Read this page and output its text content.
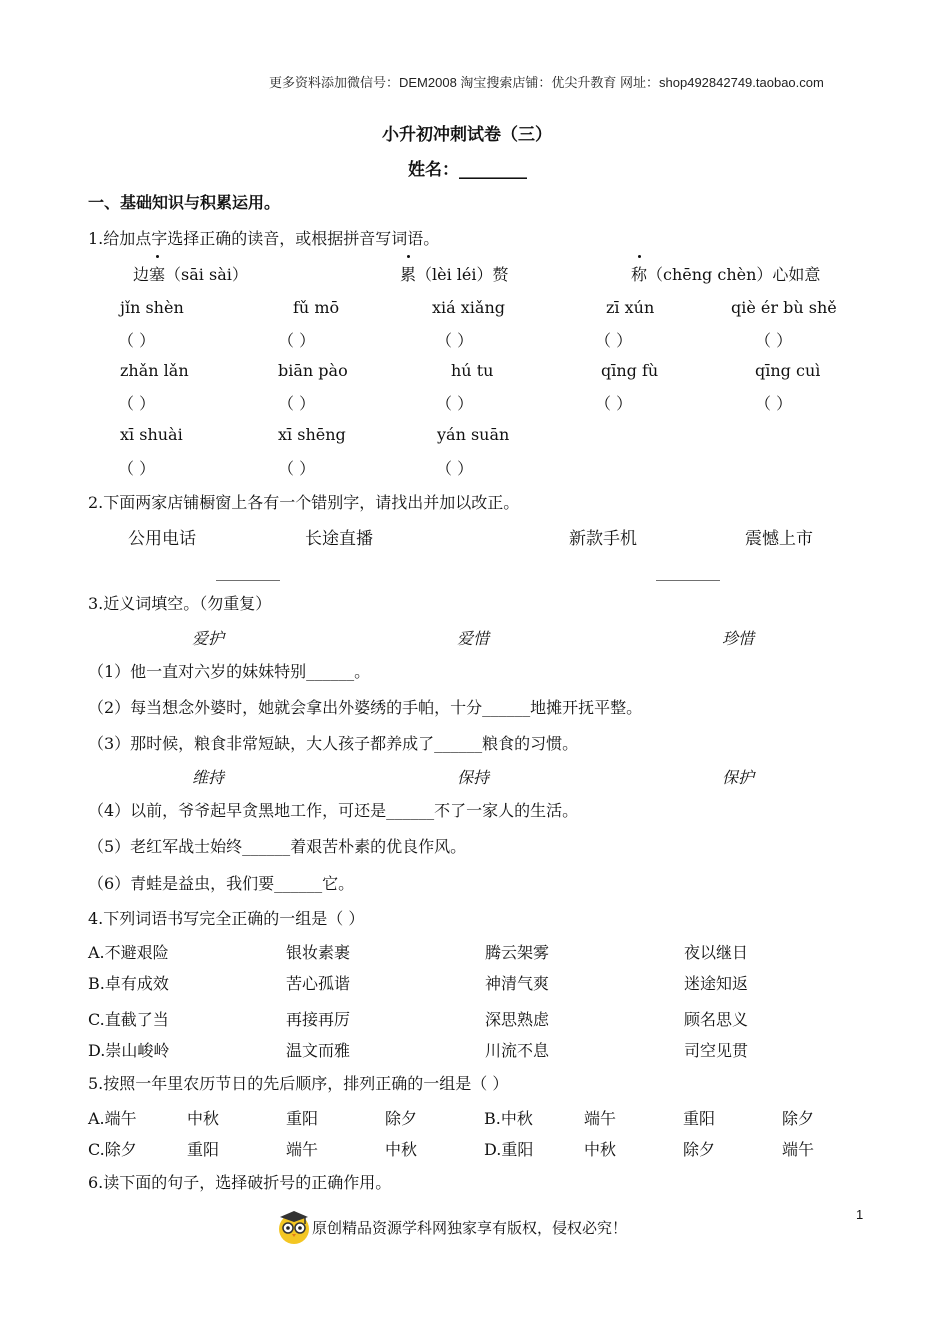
更多资料添加微信号：DEM2008 淘宝搜索店铺：优尖升教育 网址：shop492842749.taobao.com
小升初冲刺试卷（三）
姓名：________
一、基础知识与积累运用。
1.给加点字选择正确的读音，或根据拼音写词语。
边
塞（sāi sài）	累（lèi léi）赘	称（chēng chèn）心如意
jǐn shèn	fǔ mō	xiá xiǎng	zī xún	qiè ér bù shě
（ ）	（ ）	（ ）	（ ）	（ ）
zhǎn lǎn	biān pào	hú tu	qīng fù	qīng cuì
（ ）	（ ）	（ ）	（ ）	（ ）
xī shuài	xī shēng	yán suān
（ ）	（ ）	（ ）
2.下面两家店铺橱窗上各有一个错别字，请找出并加以改正。
公用电话	长途直播	新款手机	震憾上市
________	________
3.近义词填空。（勿重复）
爱护	爱惜	珍惜
（1）他一直对六岁的妹妹特别______。
（2）每当想念外婆时，她就会拿出外婆绣的手帕，十分______地摊开抚平整。
（3）那时候，粮食非常短缺，大人孩子都养成了______粮食的习惯。
维持	保持	保护
（4）以前，爷爷起早贪黑地工作，可还是______不了一家人的生活。
（5）老红军战士始终______着艰苦朴素的优良作风。
（6）青蛙是益虫，我们要______它。
4.下列词语书写完全正确的一组是（ ）
A.不避艰险	银妆素裹	腾云架雾	夜以继日
B.卓有成效	苦心孤谐	神清气爽	迷途知返
C.直截了当	再接再厉	深思熟虑	顾名思义
D.崇山峻岭	温文而雅	川流不息	司空见贯
5.按照一年里农历节日的先后顺序，排列正确的一组是（ ）
A.端午	中秋	重阳	除夕	B.中秋	端午	重阳	除夕
C.除夕	重阳	端午	中秋	D.重阳	中秋	除夕	端午
6.读下面的句子，选择破折号的正确作用。
原创精品资源学科网独家享有版权，侵权必究！
1
